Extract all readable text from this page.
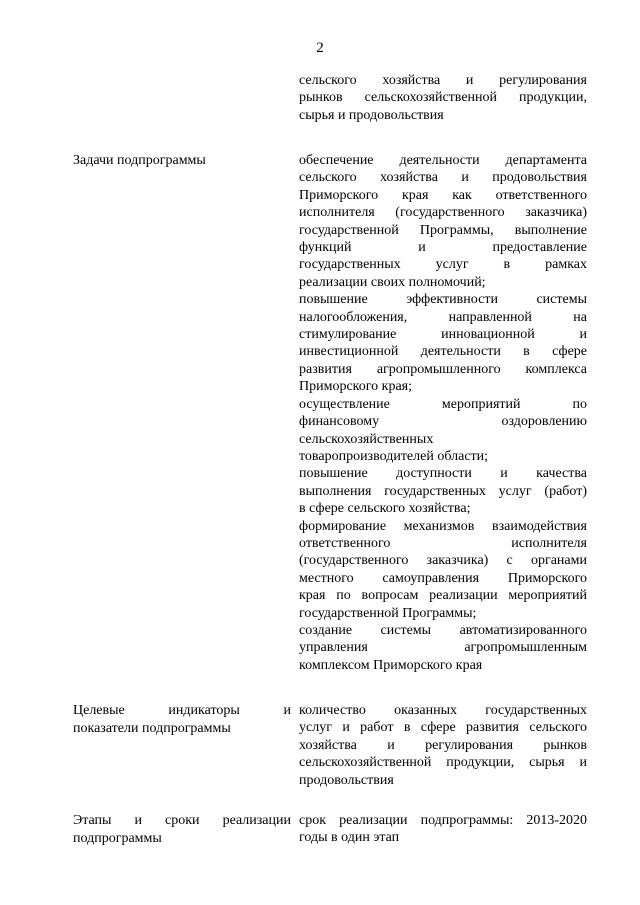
2
сельского хозяйства и регулирования
рынков сельскохозяйственной продукции,
сырья и продовольствия
Задачи подпрограммы	обеспечение деятельности департамента
сельского хозяйства и продовольствия
Приморского края как ответственного
исполнителя (государственного заказчика)
государственной Программы, выполнение
функций и предоставление
государственных услуг в рамках
реализации своих полномочий;
повышение эффективности системы
налогообложения, направленной на
стимулирование инновационной и
инвестиционной деятельности в сфере
развития агропромышленного комплекса
Приморского края;
осуществление мероприятий по
финансовому оздоровлению
сельскохозяйственных
товаропроизводителей области;
повышение доступности и качества
выполнения государственных услуг (работ)
в сфере сельского хозяйства;
формирование механизмов взаимодействия
ответственного исполнителя
(государственного заказчика) с органами
местного самоуправления Приморского
края по вопросам реализации мероприятий
государственной Программы;
создание системы автоматизированного
управления агропромышленным
комплексом Приморского края
Целевые индикаторы и
показатели подпрограммы
количество оказанных государственных
услуг и работ в сфере развития сельского
хозяйства и регулирования рынков
сельскохозяйственной продукции, сырья и
продовольствия
Этапы и сроки реализации
подпрограммы
срок реализации подпрограммы: 2013-2020
годы в один этап
